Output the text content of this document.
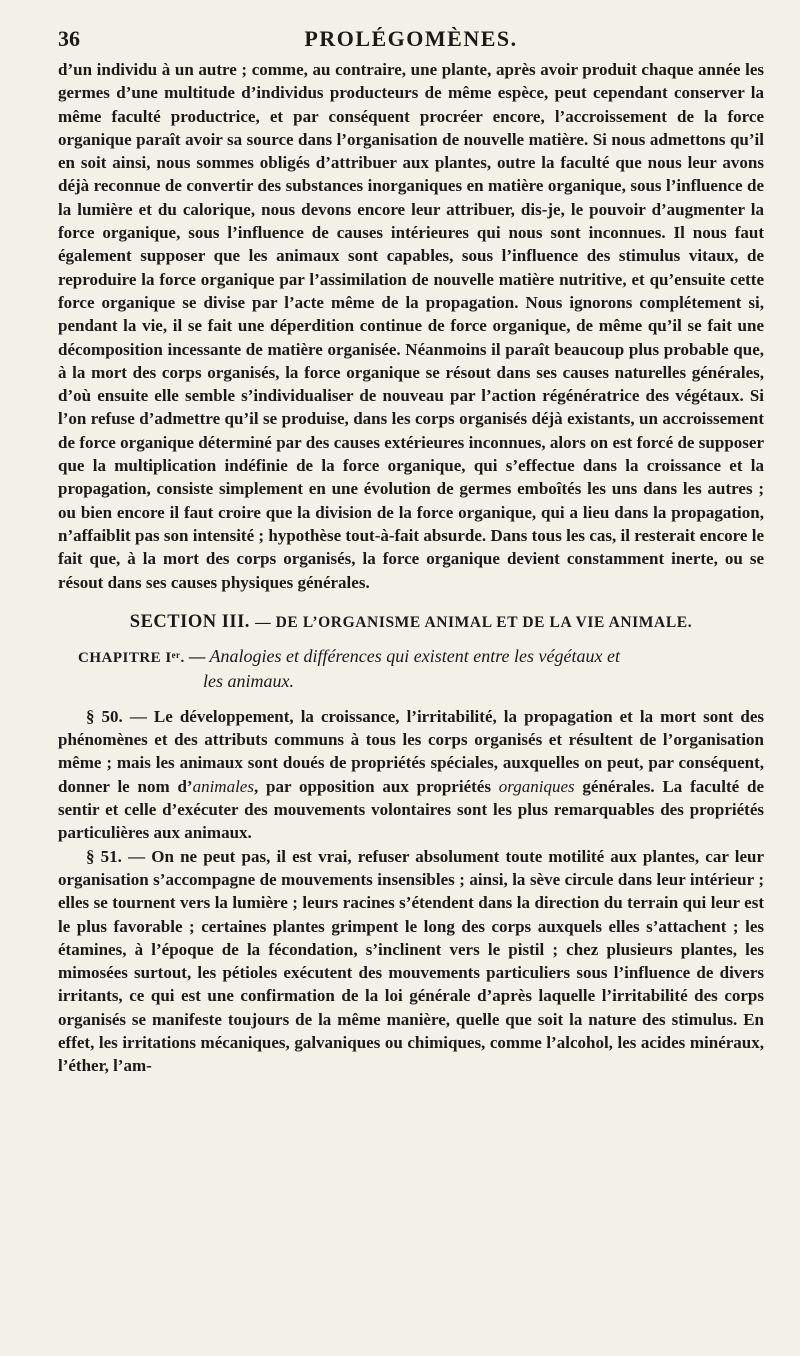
36	PROLÉGOMÈNES.

d’un individu à un autre ; comme, au contraire, une plante, après avoir produit chaque année les germes d’une multitude d’individus producteurs de même espèce, peut cependant conserver la même faculté productrice, et par conséquent procréer encore, l’accroissement de la force organique paraît avoir sa source dans l’organisation de nouvelle matière. Si nous admettons qu’il en soit ainsi, nous sommes obligés d’attribuer aux plantes, outre la faculté que nous leur avons déjà reconnue de convertir des substances inorganiques en matière organique, sous l’influence de la lumière et du calorique, nous devons encore leur attribuer, dis-je, le pouvoir d’augmenter la force organique, sous l’influence de causes intérieures qui nous sont inconnues. Il nous faut également supposer que les animaux sont capables, sous l’influence des stimulus vitaux, de reproduire la force organique par l’assimilation de nouvelle matière nutritive, et qu’ensuite cette force organique se divise par l’acte même de la propagation. Nous ignorons complétement si, pendant la vie, il se fait une déperdition continue de force organique, de même qu’il se fait une décomposition incessante de matière organisée. Néanmoins il paraît beaucoup plus probable que, à la mort des corps organisés, la force organique se résout dans ses causes naturelles générales, d’où ensuite elle semble s’individualiser de nouveau par l’action régénératrice des végétaux. Si l’on refuse d’admettre qu’il se produise, dans les corps organisés déjà existants, un accroissement de force organique déterminé par des causes extérieures inconnues, alors on est forcé de supposer que la multiplication indéfinie de la force organique, qui s’effectue dans la croissance et la propagation, consiste simplement en une évolution de germes emboîtés les uns dans les autres ; ou bien encore il faut croire que la division de la force organique, qui a lieu dans la propagation, n’affaiblit pas son intensité ; hypothèse tout-à-fait absurde. Dans tous les cas, il resterait encore le fait que, à la mort des corps organisés, la force organique devient constamment inerte, ou se résout dans ses causes physiques générales.

SECTION III. — DE L’ORGANISME ANIMAL ET DE LA VIE ANIMALE.
CHAPITRE Iᵉʳ. — Analogies et différences qui existent entre les végétaux et
les animaux.

§ 50. — Le développement, la croissance, l’irritabilité, la propagation et la mort sont des phénomènes et des attributs communs à tous les corps organisés et résultent de l’organisation même ; mais les animaux sont doués de propriétés spéciales, auxquelles on peut, par conséquent, donner le nom d’animales, par opposition aux propriétés organiques générales. La faculté de sentir et celle d’exécuter des mouvements volontaires sont les plus remarquables des propriétés particulières aux animaux.

§ 51. — On ne peut pas, il est vrai, refuser absolument toute motilité aux plantes, car leur organisation s’accompagne de mouvements insensibles ; ainsi, la sève circule dans leur intérieur ; elles se tournent vers la lumière ; leurs racines s’étendent dans la direction du terrain qui leur est le plus favorable ; certaines plantes grimpent le long des corps auxquels elles s’attachent ; les étamines, à l’époque de la fécondation, s’inclinent vers le pistil ; chez plusieurs plantes, les mimosées surtout, les pétioles exécutent des mouvements particuliers sous l’influence de divers irritants, ce qui est une confirmation de la loi générale d’après laquelle l’irritabilité des corps organisés se manifeste toujours de la même manière, quelle que soit la nature des stimulus. En effet, les irritations mécaniques, galvaniques ou chimiques, comme l’alcohol, les acides minéraux, l’éther, l’am-
